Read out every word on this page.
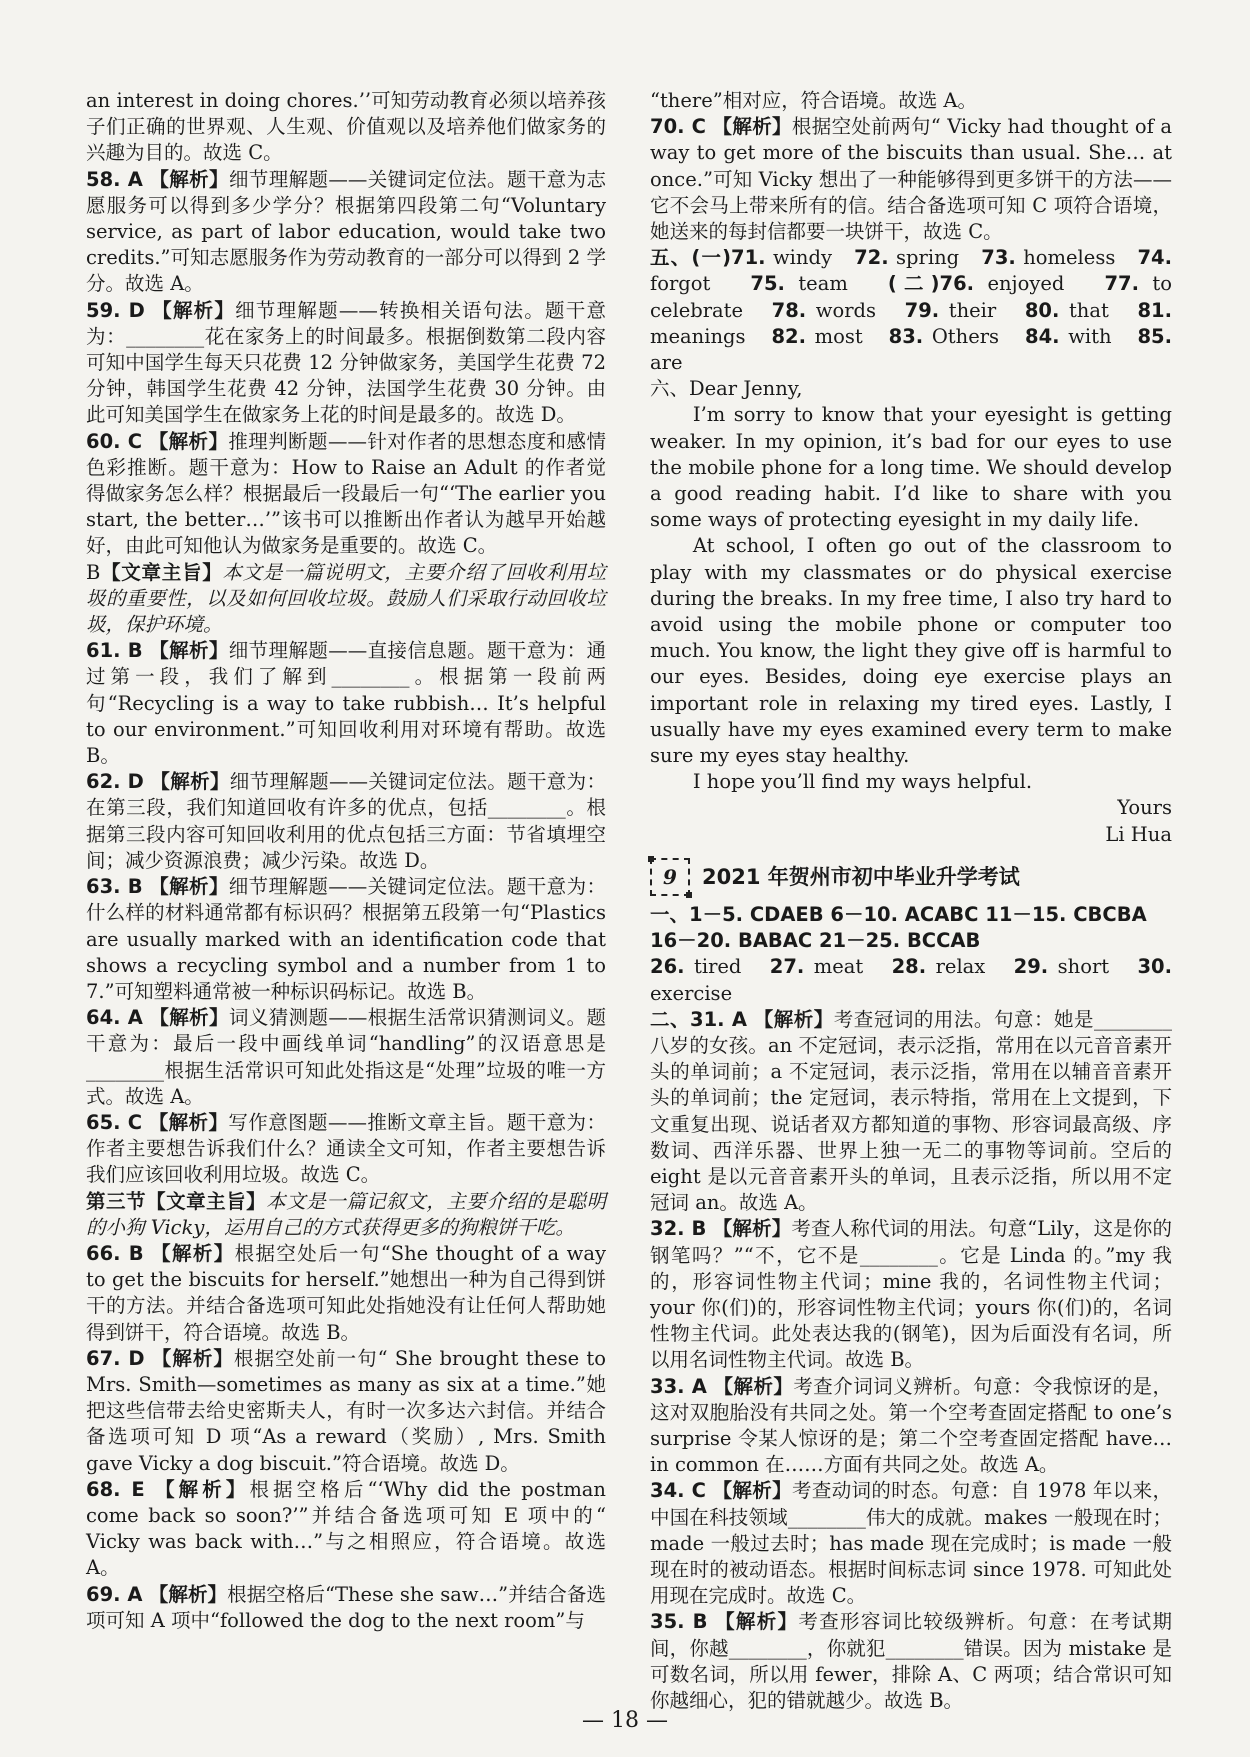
an interest in doing chores.’’可知劳动教育必须以培养孩子们正确的世界观、人生观、价值观以及培养他们做家务的兴趣为目的。故选 C。

58. A 【解析】细节理解题——关键词定位法。题干意为志愿服务可以得到多少学分？根据第四段第二句“Voluntary service, as part of labor education, would take two credits.”可知志愿服务作为劳动教育的一部分可以得到 2 学分。故选 A。

59. D 【解析】细节理解题——转换相关语句法。题干意为：________花在家务上的时间最多。根据倒数第二段内容可知中国学生每天只花费 12 分钟做家务，美国学生花费 72 分钟，韩国学生花费 42 分钟，法国学生花费 30 分钟。由此可知美国学生在做家务上花的时间是最多的。故选 D。

60. C 【解析】推理判断题——针对作者的思想态度和感情色彩推断。题干意为：How to Raise an Adult 的作者觉得做家务怎么样？根据最后一段最后一句“‘The earlier you start, the better…’”该书可以推断出作者认为越早开始越好，由此可知他认为做家务是重要的。故选 C。

B【文章主旨】本文是一篇说明文，主要介绍了回收利用垃圾的重要性，以及如何回收垃圾。鼓励人们采取行动回收垃圾，保护环境。

61. B 【解析】细节理解题——直接信息题。题干意为：通过第一段，我们了解到________。根据第一段前两句“Recycling is a way to take rubbish… It’s helpful to our environment.”可知回收利用对环境有帮助。故选 B。

62. D 【解析】细节理解题——关键词定位法。题干意为：在第三段，我们知道回收有许多的优点，包括________。根据第三段内容可知回收利用的优点包括三方面：节省填埋空间；减少资源浪费；减少污染。故选 D。

63. B 【解析】细节理解题——关键词定位法。题干意为：什么样的材料通常都有标识码？根据第五段第一句“Plastics are usually marked with an identification code that shows a recycling symbol and a number from 1 to 7.”可知塑料通常被一种标识码标记。故选 B。

64. A 【解析】词义猜测题——根据生活常识猜测词义。题干意为：最后一段中画线单词“handling”的汉语意思是________根据生活常识可知此处指这是“处理”垃圾的唯一方式。故选 A。

65. C 【解析】写作意图题——推断文章主旨。题干意为：作者主要想告诉我们什么？通读全文可知，作者主要想告诉我们应该回收利用垃圾。故选 C。

第三节【文章主旨】本文是一篇记叙文，主要介绍的是聪明的小狗 Vicky，运用自己的方式获得更多的狗粮饼干吃。

66. B 【解析】根据空处后一句“She thought of a way to get the biscuits for herself.”她想出一种为自己得到饼干的方法。并结合备选项可知此处指她没有让任何人帮助她得到饼干，符合语境。故选 B。

67. D 【解析】根据空处前一句“ She brought these to Mrs. Smith—sometimes as many as six at a time.”她把这些信带去给史密斯夫人，有时一次多达六封信。并结合备选项可知 D 项“As a reward（奖励）, Mrs. Smith gave Vicky a dog biscuit.”符合语境。故选 D。

68. E 【解析】根据空格后“‘Why did the postman come back so soon?’”并结合备选项可知 E 项中的“ Vicky was back with…”与之相照应，符合语境。故选 A。

69. A 【解析】根据空格后“These she saw…”并结合备选项可知 A 项中“followed the dog to the next room”与

“there”相对应，符合语境。故选 A。

70. C 【解析】根据空处前两句“ Vicky had thought of a way to get more of the biscuits than usual. She… at once.”可知 Vicky 想出了一种能够得到更多饼干的方法——它不会马上带来所有的信。结合备选项可知 C 项符合语境，她送来的每封信都要一块饼干，故选 C。

五、(一)71. windy 72. spring 73. homeless 74. forgot 75. team (二)76. enjoyed 77. to celebrate 78. words 79. their 80. that 81. meanings 82. most 83. Others 84. with 85. are

六、Dear Jenny,

I’m sorry to know that your eyesight is getting weaker. In my opinion, it’s bad for our eyes to use the mobile phone for a long time. We should develop a good reading habit. I’d like to share with you some ways of protecting eyesight in my daily life.

At school, I often go out of the classroom to play with my classmates or do physical exercise during the breaks. In my free time, I also try hard to avoid using the mobile phone or computer too much. You know, the light they give off is harmful to our eyes. Besides, doing eye exercise plays an important role in relaxing my tired eyes. Lastly, I usually have my eyes examined every term to make sure my eyes stay healthy.

I hope you’ll find my ways helpful.

Yours

Li Hua

9	2021 年贺州市初中毕业升学考试

一、1－5. CDAEB 6－10. ACABC 11－15. CBCBA

16－20. BABAC 21－25. BCCAB

26. tired 27. meat 28. relax 29. short 30. exercise

二、31. A 【解析】考查冠词的用法。句意：她是________八岁的女孩。an 不定冠词，表示泛指，常用在以元音音素开头的单词前；a 不定冠词，表示泛指，常用在以辅音音素开头的单词前；the 定冠词，表示特指，常用在上文提到，下文重复出现、说话者双方都知道的事物、形容词最高级、序数词、西洋乐器、世界上独一无二的事物等词前。空后的 eight 是以元音音素开头的单词，且表示泛指，所以用不定冠词 an。故选 A。

32. B 【解析】考查人称代词的用法。句意“Lily，这是你的钢笔吗？”“不，它不是________。它是 Linda 的。”my 我的，形容词性物主代词；mine 我的，名词性物主代词；your 你(们)的，形容词性物主代词；yours 你(们)的，名词性物主代词。此处表达我的(钢笔)，因为后面没有名词，所以用名词性物主代词。故选 B。

33. A 【解析】考查介词词义辨析。句意：令我惊讶的是，这对双胞胎没有共同之处。第一个空考查固定搭配 to one’s surprise 令某人惊讶的是；第二个空考查固定搭配 have… in common 在……方面有共同之处。故选 A。

34. C 【解析】考查动词的时态。句意：自 1978 年以来，中国在科技领域________伟大的成就。makes 一般现在时；made 一般过去时；has made 现在完成时；is made 一般现在时的被动语态。根据时间标志词 since 1978. 可知此处用现在完成时。故选 C。

35. B 【解析】考查形容词比较级辨析。句意：在考试期间，你越________，你就犯________错误。因为 mistake 是可数名词，所以用 fewer，排除 A、C 两项；结合常识可知你越细心，犯的错就越少。故选 B。

— 18 —
